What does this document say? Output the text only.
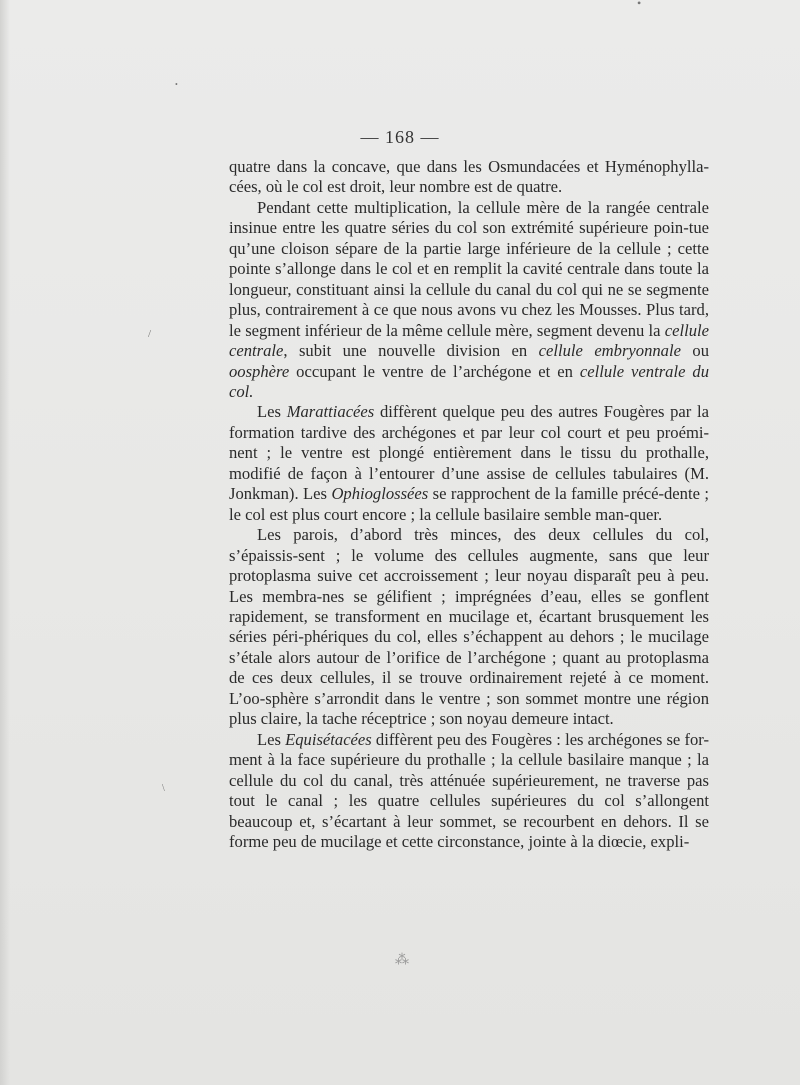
•
•
/
\
— 168 —

quatre dans la concave, que dans les Osmundacées et Hyménophylla-cées, où le col est droit, leur nombre est de quatre.

Pendant cette multiplication, la cellule mère de la rangée centrale insinue entre les quatre séries du col son extrémité supérieure poin-tue qu’une cloison sépare de la partie large inférieure de la cellule ; cette pointe s’allonge dans le col et en remplit la cavité centrale dans toute la longueur, constituant ainsi la cellule du canal du col qui ne se segmente plus, contrairement à ce que nous avons vu chez les Mousses. Plus tard, le segment inférieur de la même cellule mère, segment devenu la cellule centrale, subit une nouvelle division en cellule embryonnale ou oosphère occupant le ventre de l’archégone et en cellule ventrale du col.

Les Marattiacées diffèrent quelque peu des autres Fougères par la formation tardive des archégones et par leur col court et peu proémi-nent ; le ventre est plongé entièrement dans le tissu du prothalle, modifié de façon à l’entourer d’une assise de cellules tabulaires (M. Jonkman). Les Ophioglossées se rapprochent de la famille précé-dente ; le col est plus court encore ; la cellule basilaire semble man-quer.

Les parois, d’abord très minces, des deux cellules du col, s’épaissis-sent ; le volume des cellules augmente, sans que leur protoplasma suive cet accroissement ; leur noyau disparaît peu à peu. Les membra-nes se gélifient ; imprégnées d’eau, elles se gonflent rapidement, se transforment en mucilage et, écartant brusquement les séries péri-phériques du col, elles s’échappent au dehors ; le mucilage s’étale alors autour de l’orifice de l’archégone ; quant au protoplasma de ces deux cellules, il se trouve ordinairement rejeté à ce moment. L’oo-sphère s’arrondit dans le ventre ; son sommet montre une région plus claire, la tache réceptrice ; son noyau demeure intact.

Les Equisétacées diffèrent peu des Fougères : les archégones se for-ment à la face supérieure du prothalle ; la cellule basilaire manque ; la cellule du col du canal, très atténuée supérieurement, ne traverse pas tout le canal ; les quatre cellules supérieures du col s’allongent beaucoup et, s’écartant à leur sommet, se recourbent en dehors. Il se forme peu de mucilage et cette circonstance, jointe à la diœcie, expli-

⁂
